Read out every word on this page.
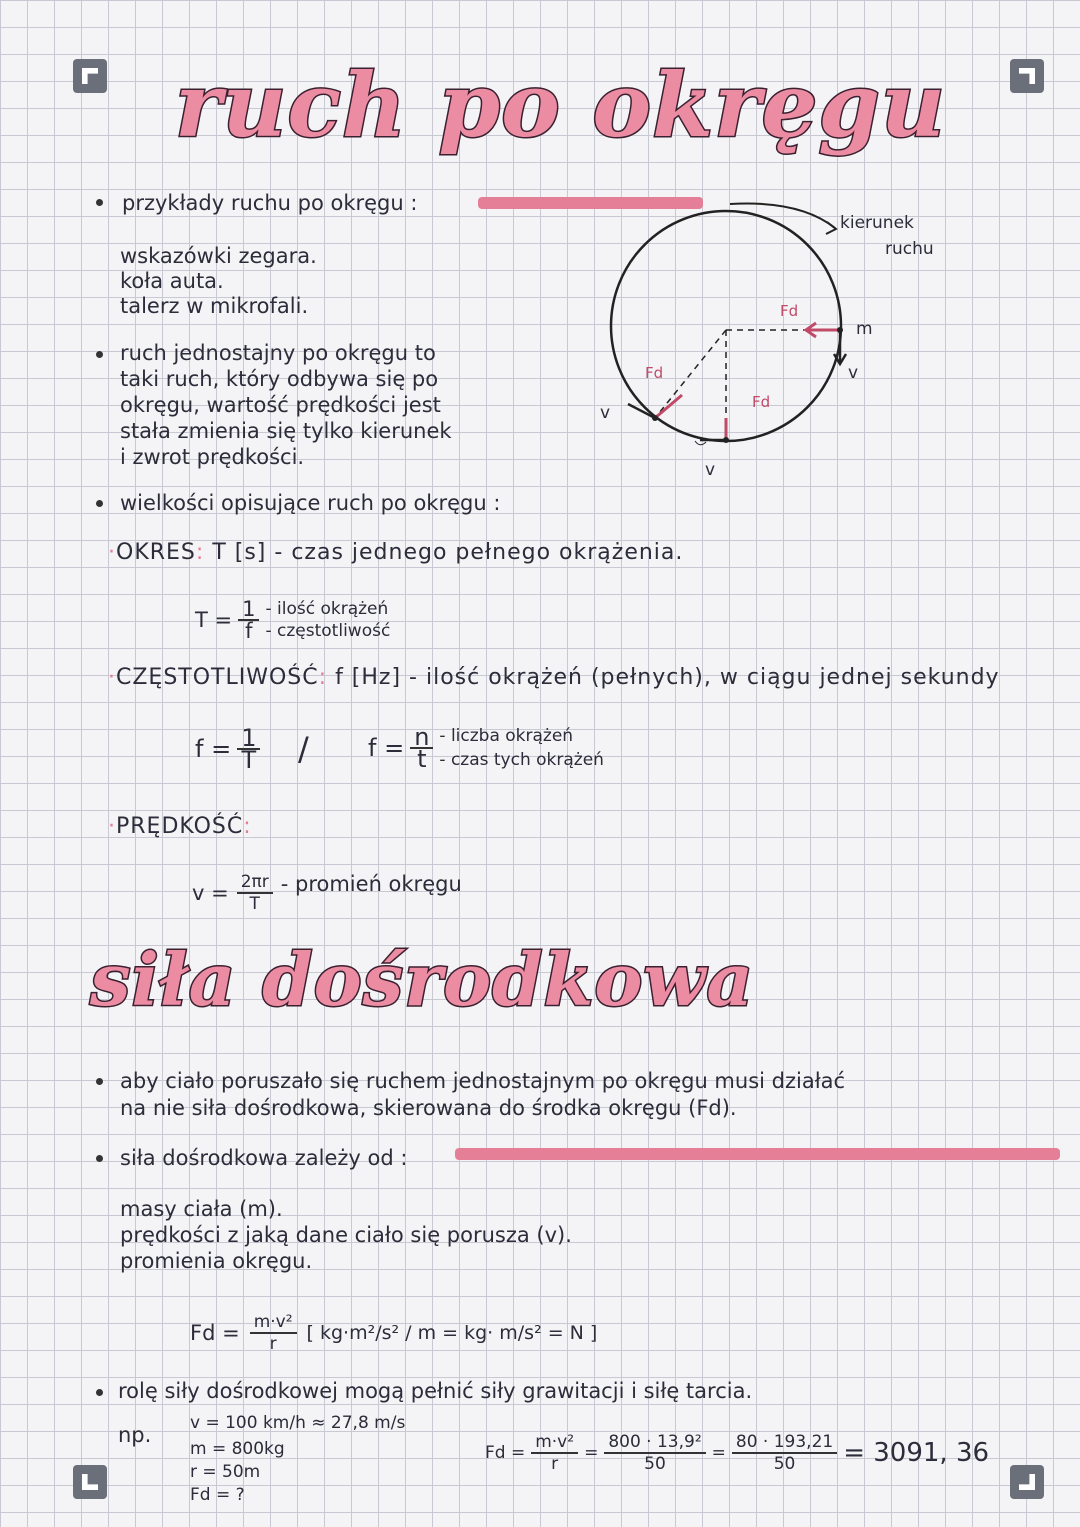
ruch po okręgu
przykłady ruchu po okręgu :
wskazówki zegara.
koła auta.
talerz w mikrofali.
ruch jednostajny po okręgu to
taki ruch, który odbywa się po
okręgu, wartość prędkości jest
stała zmienia się tylko kierunek
i zwrot prędkości.
kierunek
ruchu
m
Fd
Fd
Fd
v
v
v
wielkości opisujące ruch po okręgu :
·OKRES: T [s] - czas jednego pełnego okrążenia.
$T = \frac{1}{f}$ - ilość okrążeń
- częstotliwość
·CZĘSTOTLIWOŚĆ: f [Hz] - ilość okrążeń (pełnych), w ciągu jednej sekundy
$f = \frac{1}{T} / f = \frac{n}{t}$ - liczba okrążeń
- czas tych okrążeń
·PRĘDKOŚĆ:
$v = \frac{2\pi r}{T}$ - promień okręgu
siła dośrodkowa
aby ciało poruszało się ruchem jednostajnym po okręgu musi działać
na nie siła dośrodkowa, skierowana do środka okręgu (Fd).
siła dośrodkowa zależy od :
masy ciała (m).
prędkości z jaką dane ciało się porusza (v).
promienia okręgu.
$Fd = \frac{\text{m·v²}}{r}$ [ kg·m²/s² / m = kg· m/s² = N ]
rolę siły dośrodkowej mogą pełnić siły grawitacji i siłę tarcia.
np. v = 100 km/h ≈ 27,8 m/s
m = 800kg
r = 50m
Fd = ?
$Fd = \frac{\text{m·v²}}{r} = \frac{\text{800 · 13,9²}}{50} = \frac{80 \cdot 193,21}{50} = 3091$, 36
